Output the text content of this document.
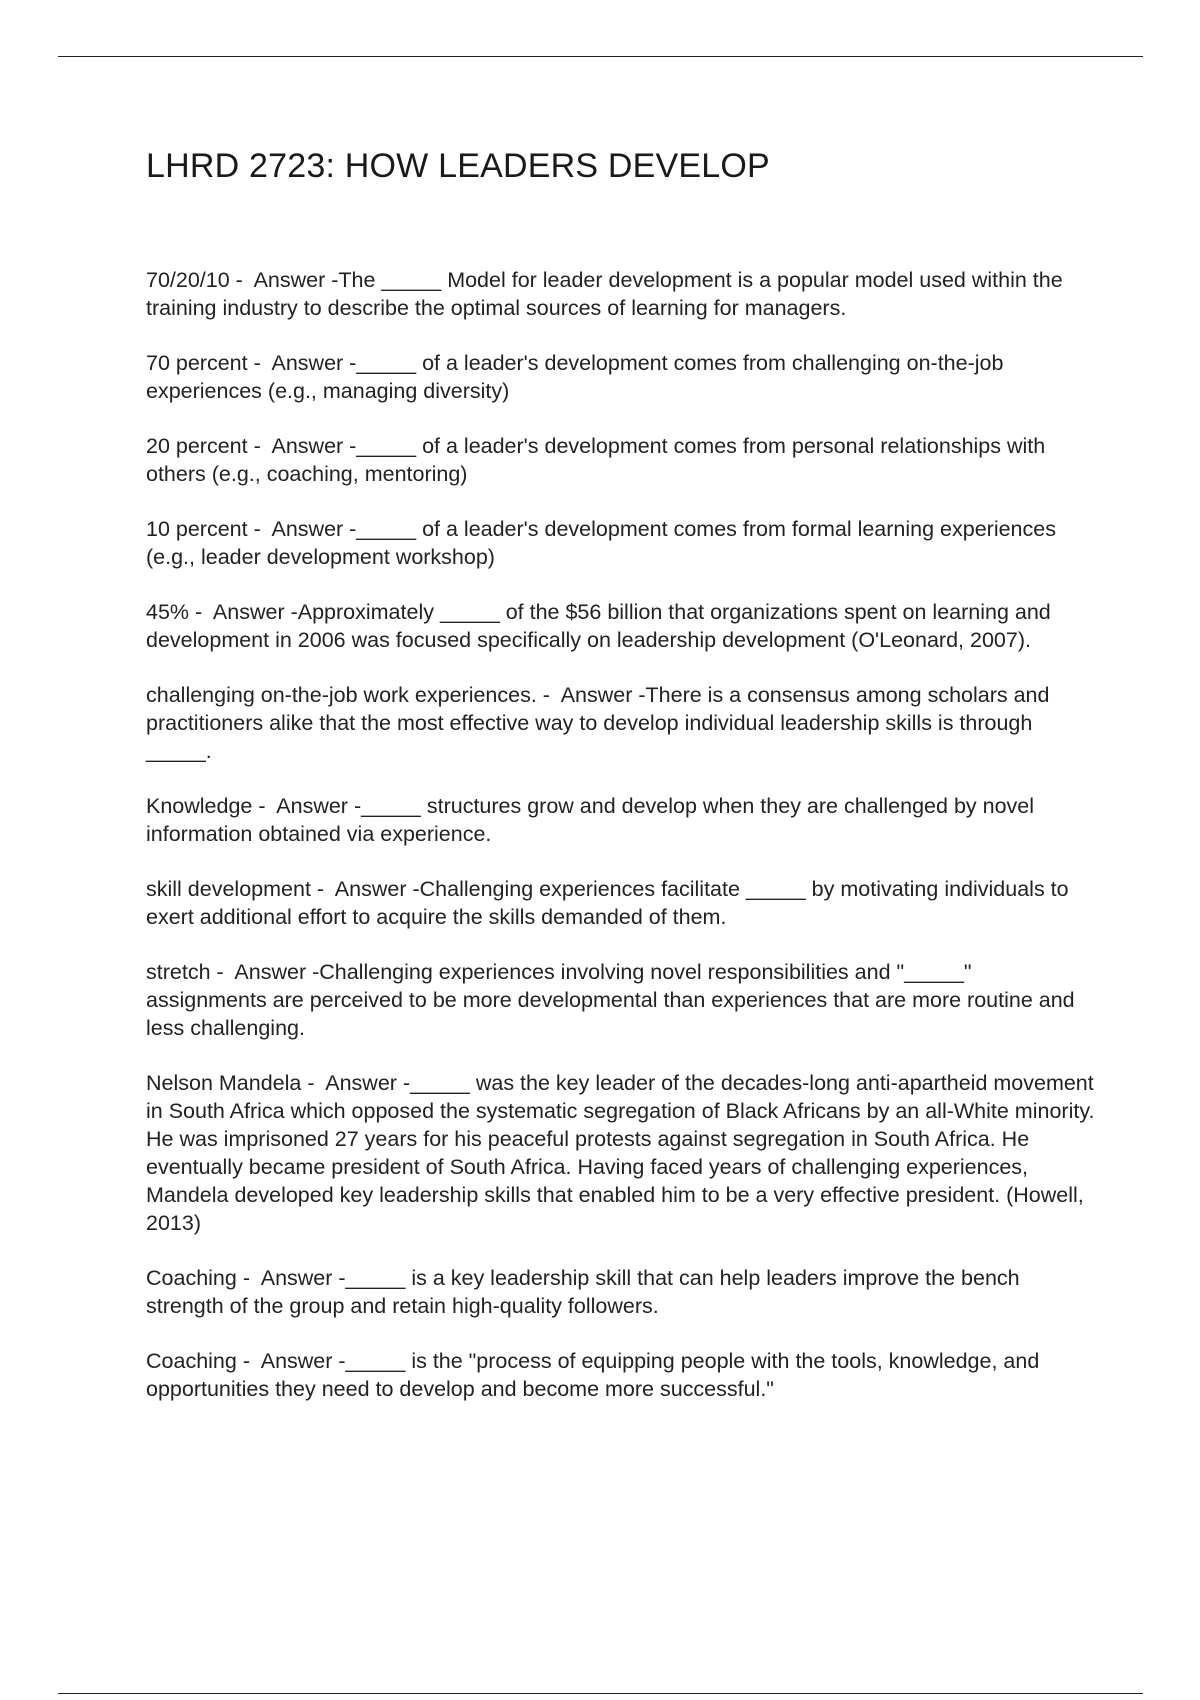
LHRD 2723: HOW LEADERS DEVELOP
70/20/10 -  Answer -The _____ Model for leader development is a popular model used within the training industry to describe the optimal sources of learning for managers.
70 percent -  Answer -_____ of a leader's development comes from challenging on-the-job experiences (e.g., managing diversity)
20 percent -  Answer -_____ of a leader's development comes from personal relationships with others (e.g., coaching, mentoring)
10 percent -  Answer -_____ of a leader's development comes from formal learning experiences (e.g., leader development workshop)
45% -  Answer -Approximately _____ of the $56 billion that organizations spent on learning and development in 2006 was focused specifically on leadership development (O'Leonard, 2007).
challenging on-the-job work experiences. -  Answer -There is a consensus among scholars and practitioners alike that the most effective way to develop individual leadership skills is through _____.
Knowledge -  Answer -_____ structures grow and develop when they are challenged by novel information obtained via experience.
skill development -  Answer -Challenging experiences facilitate _____ by motivating individuals to exert additional effort to acquire the skills demanded of them.
stretch -  Answer -Challenging experiences involving novel responsibilities and "_____" assignments are perceived to be more developmental than experiences that are more routine and less challenging.
Nelson Mandela -  Answer -_____ was the key leader of the decades-long anti-apartheid movement in South Africa which opposed the systematic segregation of Black Africans by an all-White minority. He was imprisoned 27 years for his peaceful protests against segregation in South Africa. He eventually became president of South Africa. Having faced years of challenging experiences, Mandela developed key leadership skills that enabled him to be a very effective president. (Howell, 2013)
Coaching -  Answer -_____ is a key leadership skill that can help leaders improve the bench strength of the group and retain high-quality followers.
Coaching -  Answer -_____ is the "process of equipping people with the tools, knowledge, and opportunities they need to develop and become more successful."
